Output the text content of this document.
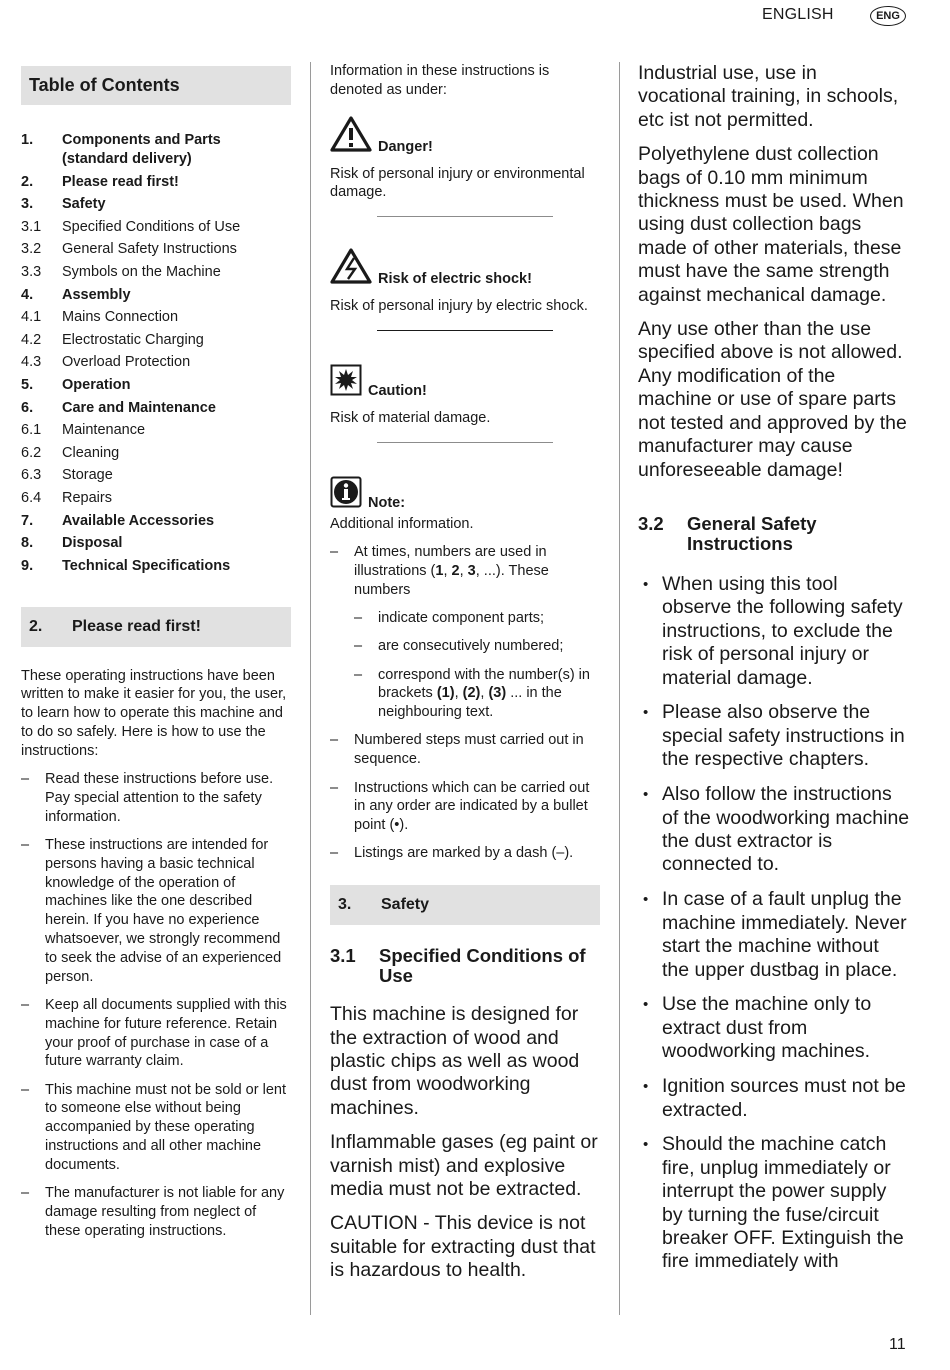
ENGLISH	ENG
Table of Contents
1.	Components and Parts
(standard delivery)
2.	Please read first!
3.	Safety
3.1	Specified Conditions of Use
3.2	General Safety Instructions
3.3	Symbols on the Machine
4.	Assembly
4.1	Mains Connection
4.2	Electrostatic Charging
4.3	Overload Protection
5.	Operation
6.	Care and Maintenance
6.1	Maintenance
6.2	Cleaning
6.3	Storage
6.4	Repairs
7.	Available Accessories
8.	Disposal
9.	Technical Specifications
2.	Please read first!
These operating instructions have been written to make it easier for you, the user, to learn how to operate this machine and to do so safely. Here is how to use the instructions:
– Read these instructions before use. Pay special attention to the safety information.
– These instructions are intended for persons having a basic technical knowledge of the operation of machines like the one described herein. If you have no experience whatsoever, we strongly recommend to seek the advise of an experienced person.
– Keep all documents supplied with this machine for future reference. Retain your proof of purchase in case of a future warranty claim.
– This machine must not be sold or lent to someone else without being accompanied by these operating instructions and all other machine documents.
– The manufacturer is not liable for any damage resulting from neglect of these operating instructions.
Information in these instructions is denoted as under:
Danger!
Risk of personal injury or environmental damage.
Risk of electric shock!
Risk of personal injury by electric shock.
Caution!
Risk of material damage.
Note:
Additional information.
– At times, numbers are used in illustrations (1, 2, 3, ...). These numbers
– indicate component parts;
– are consecutively numbered;
– correspond with the number(s) in brackets (1), (2), (3) ... in the neighbouring text.
– Numbered steps must carried out in sequence.
– Instructions which can be carried out in any order are indicated by a bullet point (•).
– Listings are marked by a dash (–).
3.	Safety
3.1	Specified Conditions of Use

This machine is designed for the extraction of wood and plastic chips as well as wood dust from woodworking machines.

Inflammable gases (eg paint or varnish mist) and explosive media must not be extracted.

CAUTION - This device is not suitable for extracting dust that is hazardous to health.

Industrial use, use in vocational training, in schools, etc ist not permitted.

Polyethylene dust collection bags of 0.10 mm minimum thickness must be used. When using dust collection bags made of other materials, these must have the same strength against mechanical damage.

Any use other than the use specified above is not allowed. Any modification of the machine or use of spare parts not tested and approved by the manufacturer may cause unforeseeable damage!

3.2	General Safety Instructions
• When using this tool observe the following safety instructions, to exclude the risk of personal injury or material damage.
• Please also observe the special safety instructions in the respective chapters.
• Also follow the instructions of the woodworking machine the dust extractor is connected to.
• In case of a fault unplug the machine immediately. Never start the machine without the upper dustbag in place.
• Use the machine only to extract dust from woodworking machines.
• Ignition sources must not be extracted.
• Should the machine catch fire, unplug immediately or interrupt the power supply by turning the fuse/circuit breaker OFF. Extinguish the fire immediately with
11
